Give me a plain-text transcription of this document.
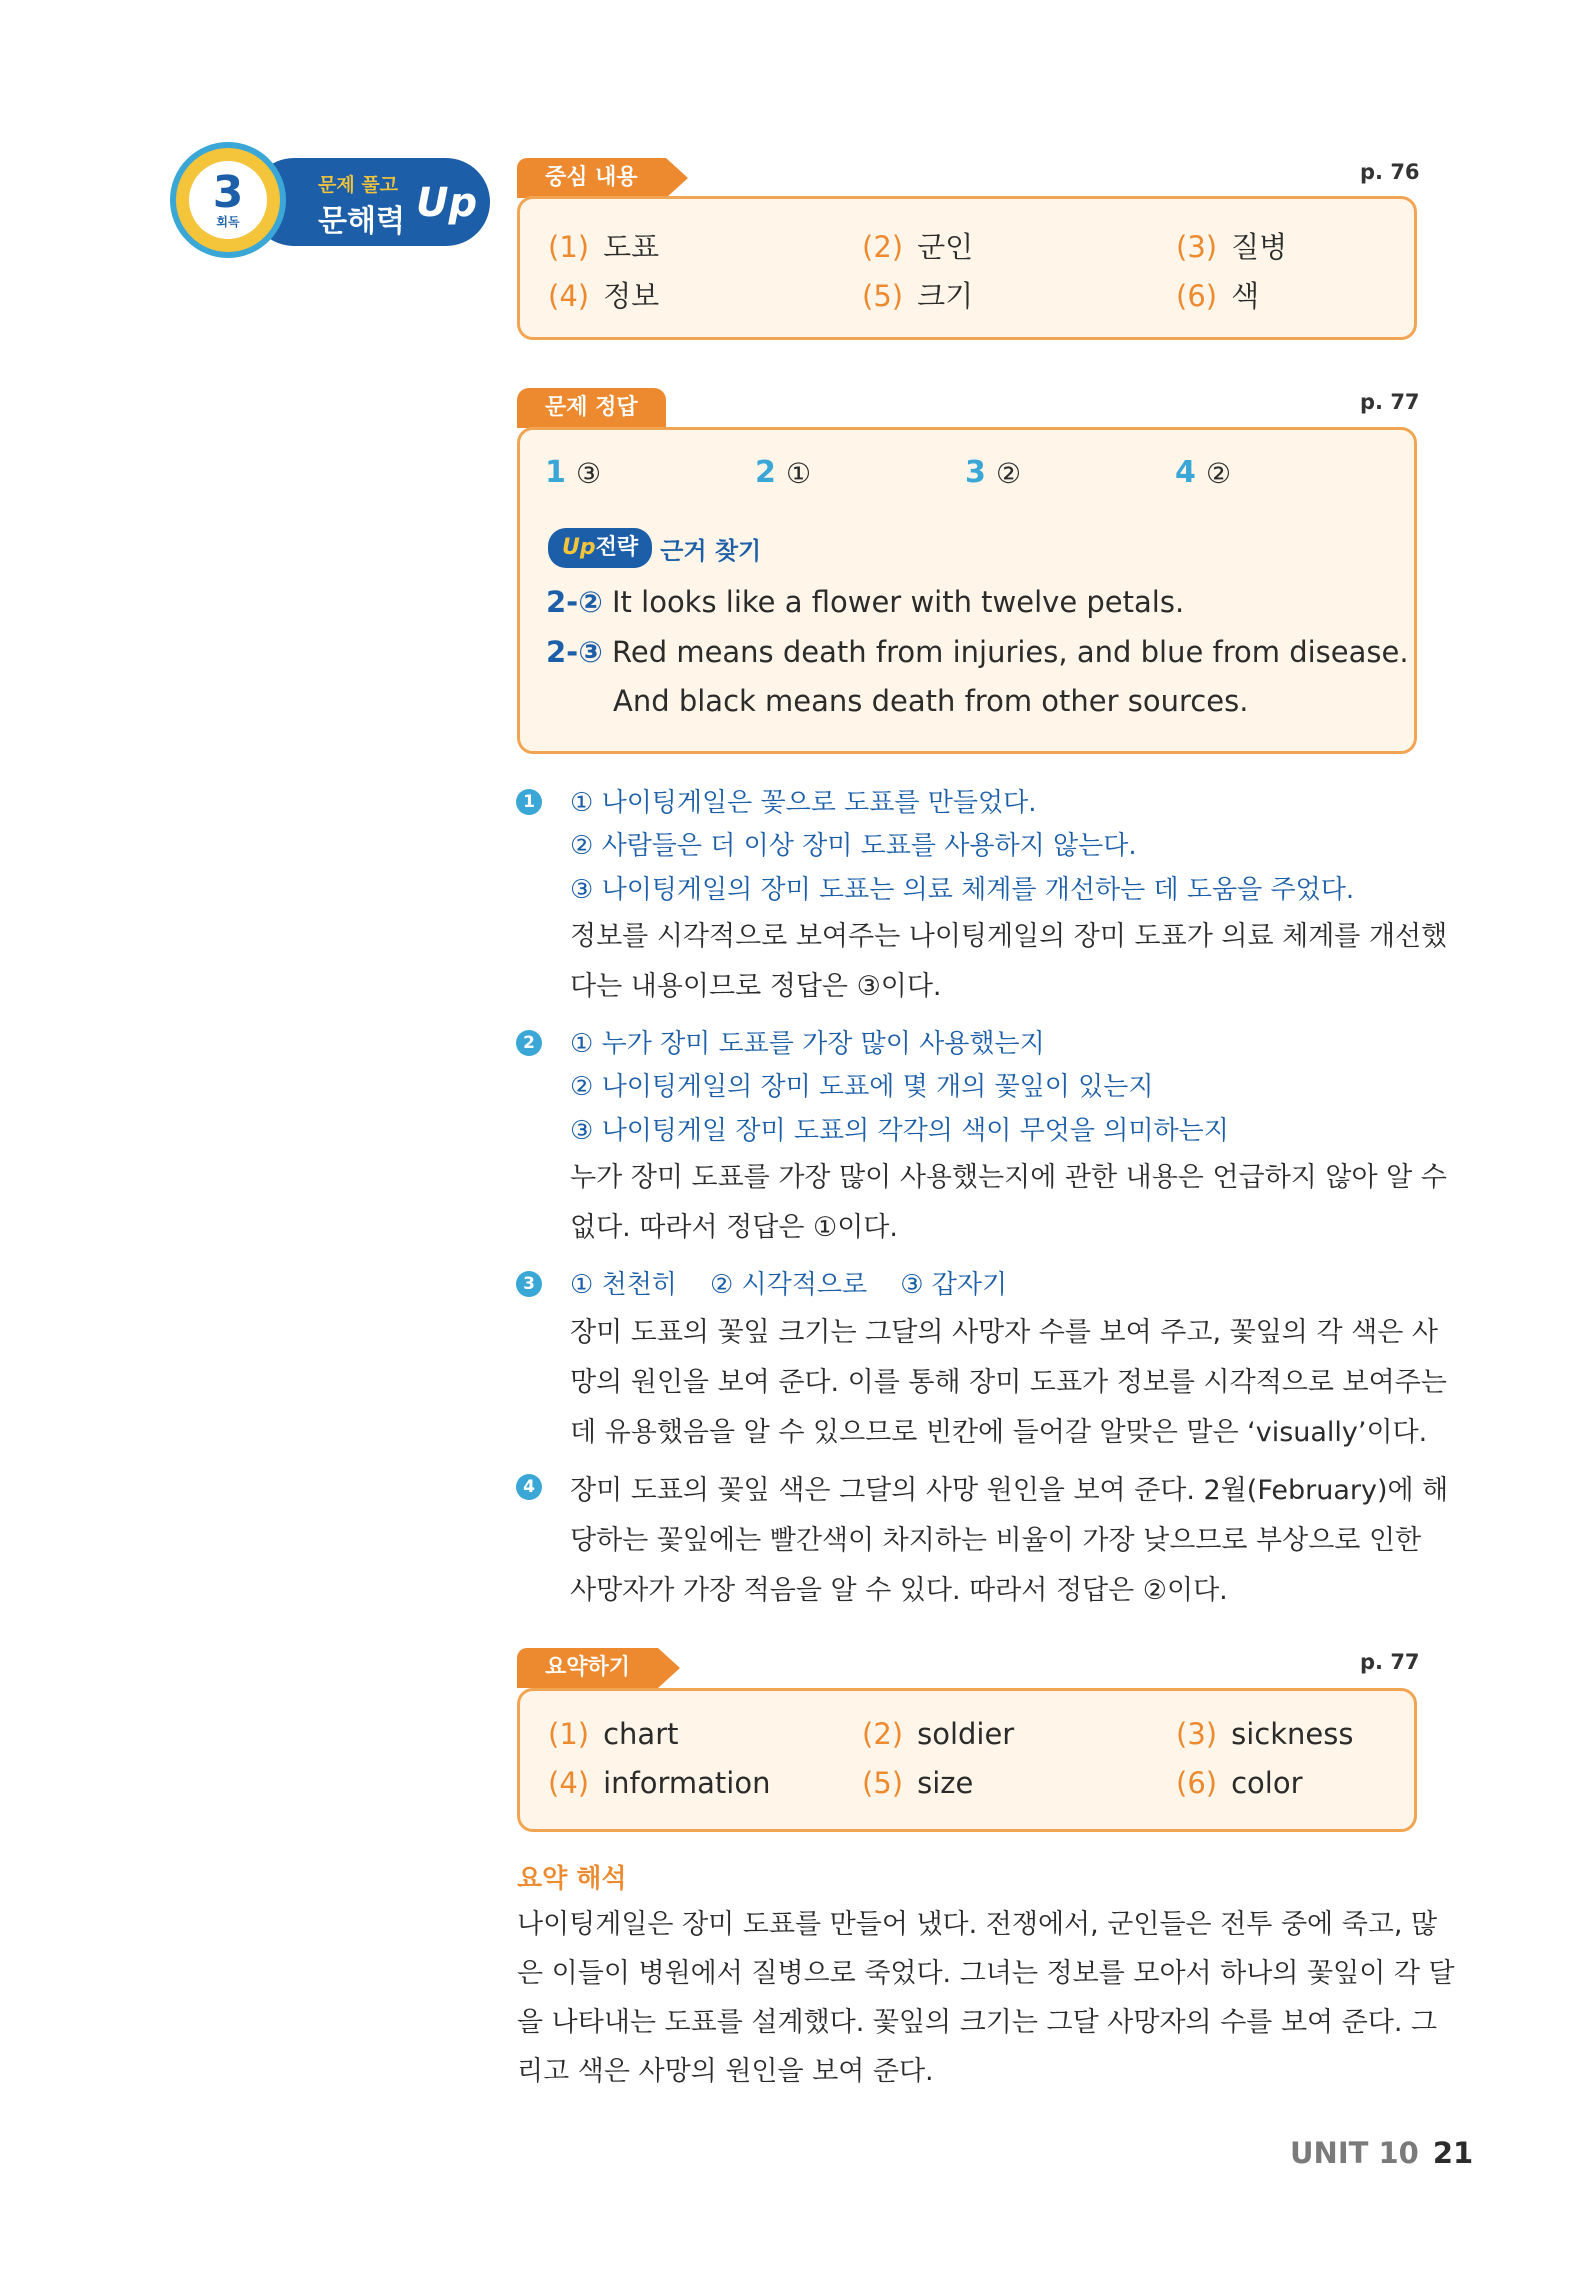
3
회독
문제 풀고
문해력 Up
중심 내용	p. 76
(1) 도표	(2) 군인	(3) 질병
(4) 정보	(5) 크기	(6) 색
문제 정답	p. 77
1 ③	2 ①	3 ②	4 ②
Up전략 근거 찾기
2-② It looks like a flower with twelve petals.
2-③ Red means death from injuries, and blue from disease.
And black means death from other sources.
1 ① 나이팅게일은 꽃으로 도표를 만들었다.
② 사람들은 더 이상 장미 도표를 사용하지 않는다.
③ 나이팅게일의 장미 도표는 의료 체계를 개선하는 데 도움을 주었다.
정보를 시각적으로 보여주는 나이팅게일의 장미 도표가 의료 체계를 개선했
다는 내용이므로 정답은 ③이다.
2 ① 누가 장미 도표를 가장 많이 사용했는지
② 나이팅게일의 장미 도표에 몇 개의 꽃잎이 있는지
③ 나이팅게일 장미 도표의 각각의 색이 무엇을 의미하는지
누가 장미 도표를 가장 많이 사용했는지에 관한 내용은 언급하지 않아 알 수
없다. 따라서 정답은 ①이다.
3 ① 천천히    ② 시각적으로    ③ 갑자기
장미 도표의 꽃잎 크기는 그달의 사망자 수를 보여 주고, 꽃잎의 각 색은 사
망의 원인을 보여 준다. 이를 통해 장미 도표가 정보를 시각적으로 보여주는
데 유용했음을 알 수 있으므로 빈칸에 들어갈 알맞은 말은 ‘visually’이다.
4 장미 도표의 꽃잎 색은 그달의 사망 원인을 보여 준다. 2월(February)에 해
당하는 꽃잎에는 빨간색이 차지하는 비율이 가장 낮으므로 부상으로 인한
사망자가 가장 적음을 알 수 있다. 따라서 정답은 ②이다.
요약하기	p. 77
(1) chart	(2) soldier	(3) sickness
(4) information	(5) size	(6) color
요약 해석
나이팅게일은 장미 도표를 만들어 냈다. 전쟁에서, 군인들은 전투 중에 죽고, 많
은 이들이 병원에서 질병으로 죽었다. 그녀는 정보를 모아서 하나의 꽃잎이 각 달
을 나타내는 도표를 설계했다. 꽃잎의 크기는 그달 사망자의 수를 보여 준다. 그
리고 색은 사망의 원인을 보여 준다.
UNIT 10 21
